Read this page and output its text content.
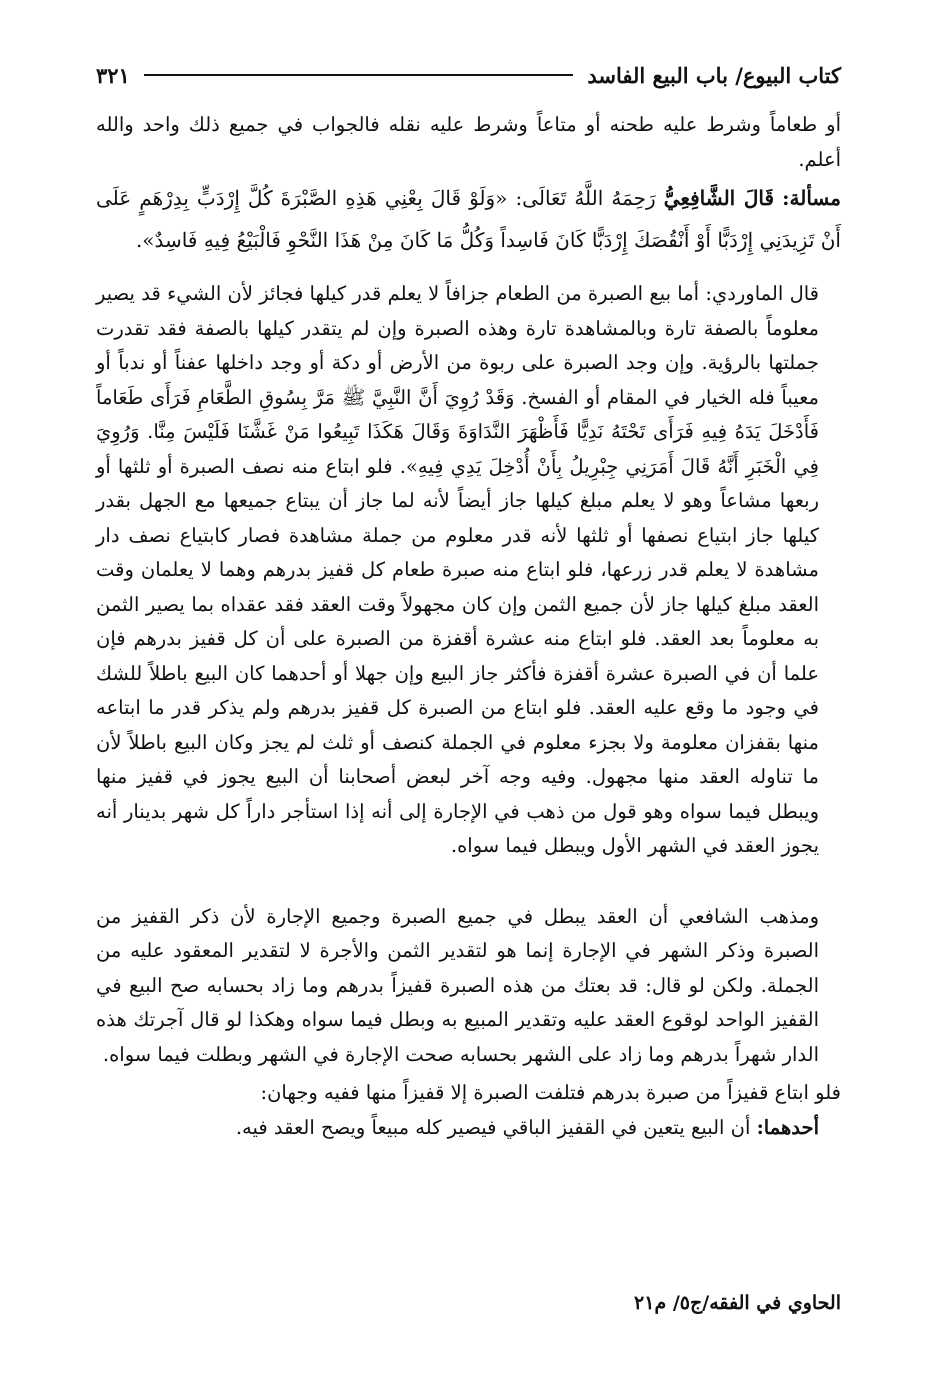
كتاب البيوع/ باب البيع الفاسد
٣٢١

أو طعاماً وشرط عليه طحنه أو متاعاً وشرط عليه نقله فالجواب في جميع ذلك واحد والله أعلم.

مسألة: قَالَ الشَّافِعِيُّ رَحِمَهُ اللَّهُ تَعَالَى: «وَلَوْ قَالَ بِعْنِي هَذِهِ الصَّبْرَةَ كُلَّ إِرْدَبٍّ بِدِرْهَمٍ عَلَى أَنْ تَزِيدَنِي إِرْدَبًّا أَوْ أَنْقُصَكَ إِرْدَبًّا كَانَ فَاسِداً وَكُلُّ مَا كَانَ مِنْ هَذَا النَّحْوِ فَالْبَيْعُ فِيهِ فَاسِدٌ».

قال الماوردي: أما بيع الصبرة من الطعام جزافاً لا يعلم قدر كيلها فجائز لأن الشيء قد يصير معلوماً بالصفة تارة وبالمشاهدة تارة وهذه الصبرة وإن لم يتقدر كيلها بالصفة فقد تقدرت جملتها بالرؤية. وإن وجد الصبرة على ربوة من الأرض أو دكة أو وجد داخلها عفناً أو ندباً أو معيباً فله الخيار في المقام أو الفسخ. وَقَدْ رُوِيَ أَنَّ النَّبِيَّ ﷺ مَرَّ بِسُوقِ الطَّعَامِ فَرَأَى طَعَاماً فَأَدْخَلَ يَدَهُ فِيهِ فَرَأَى تَحْتَهُ نَدِيًّا فَأَظْهَرَ النَّدَاوَةَ وَقَالَ هَكَذَا تَبِيعُوا مَنْ غَشَّنَا فَلَيْسَ مِنَّا. وَرُوِيَ فِي الْخَبَرِ أَنَّهُ قَالَ أَمَرَنِي جِبْرِيلُ بِأَنْ أُدْخِلَ يَدِي فِيهِ». فلو ابتاع منه نصف الصبرة أو ثلثها أو ربعها مشاعاً وهو لا يعلم مبلغ كيلها جاز أيضاً لأنه لما جاز أن يبتاع جميعها مع الجهل بقدر كيلها جاز ابتياع نصفها أو ثلثها لأنه قدر معلوم من جملة مشاهدة فصار كابتياع نصف دار مشاهدة لا يعلم قدر زرعها، فلو ابتاع منه صبرة طعام كل قفيز بدرهم وهما لا يعلمان وقت العقد مبلغ كيلها جاز لأن جميع الثمن وإن كان مجهولاً وقت العقد فقد عقداه بما يصير الثمن به معلوماً بعد العقد. فلو ابتاع منه عشرة أقفزة من الصبرة على أن كل قفيز بدرهم فإن علما أن في الصبرة عشرة أقفزة فأكثر جاز البيع وإن جهلا أو أحدهما كان البيع باطلاً للشك في وجود ما وقع عليه العقد. فلو ابتاع من الصبرة كل قفيز بدرهم ولم يذكر قدر ما ابتاعه منها بقفزان معلومة ولا بجزء معلوم في الجملة كنصف أو ثلث لم يجز وكان البيع باطلاً لأن ما تناوله العقد منها مجهول. وفيه وجه آخر لبعض أصحابنا أن البيع يجوز في قفيز منها ويبطل فيما سواه وهو قول من ذهب في الإجارة إلى أنه إذا استأجر داراً كل شهر بدينار أنه يجوز العقد في الشهر الأول ويبطل فيما سواه.

ومذهب الشافعي أن العقد يبطل في جميع الصبرة وجميع الإجارة لأن ذكر القفيز من الصبرة وذكر الشهر في الإجارة إنما هو لتقدير الثمن والأجرة لا لتقدير المعقود عليه من الجملة. ولكن لو قال: قد بعتك من هذه الصبرة قفيزاً بدرهم وما زاد بحسابه صح البيع في القفيز الواحد لوقوع العقد عليه وتقدير المبيع به وبطل فيما سواه وهكذا لو قال آجرتك هذه الدار شهراً بدرهم وما زاد على الشهر بحسابه صحت الإجارة في الشهر وبطلت فيما سواه.

فلو ابتاع قفيزاً من صبرة بدرهم فتلفت الصبرة إلا قفيزاً منها ففيه وجهان:

أحدهما: أن البيع يتعين في القفيز الباقي فيصير كله مبيعاً ويصح العقد فيه.

الحاوي في الفقه/ج٥/ م٢١
